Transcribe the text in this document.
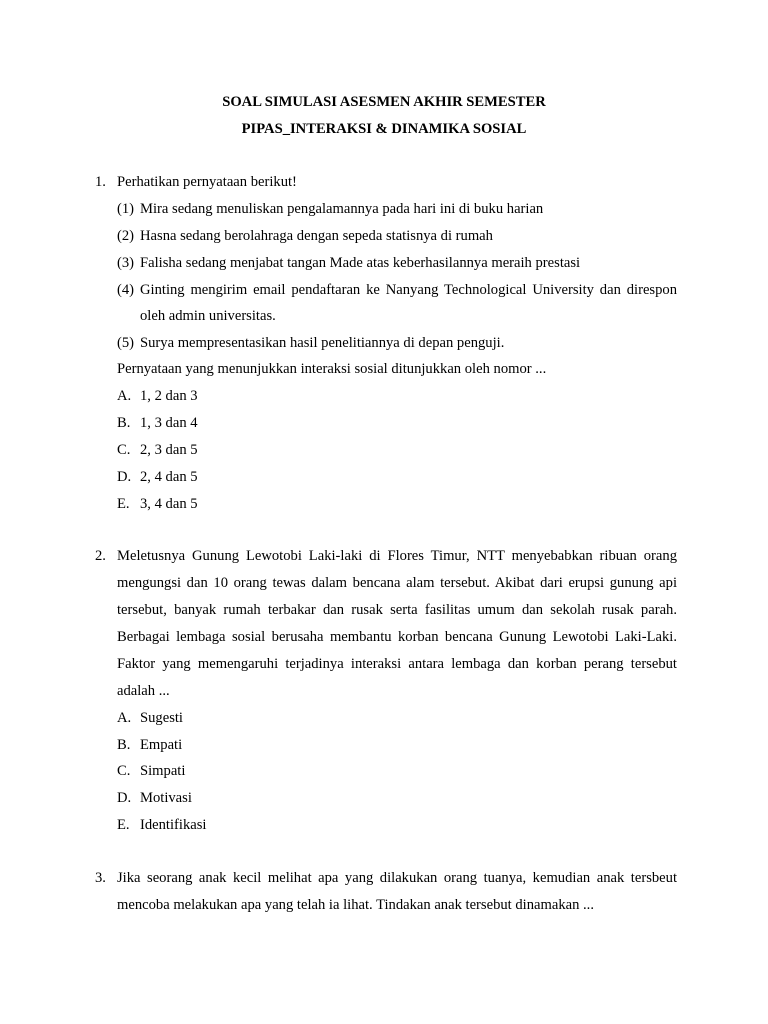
SOAL SIMULASI ASESMEN AKHIR SEMESTER
PIPAS_INTERAKSI & DINAMIKA SOSIAL
1. Perhatikan pernyataan berikut!
(1) Mira sedang menuliskan pengalamannya pada hari ini di buku harian
(2) Hasna sedang berolahraga dengan sepeda statisnya di rumah
(3) Falisha sedang menjabat tangan Made atas keberhasilannya meraih prestasi
(4) Ginting mengirim email pendaftaran ke Nanyang Technological University dan direspon
oleh admin universitas.
(5) Surya mempresentasikan hasil penelitiannya di depan penguji.
Pernyataan yang menunjukkan interaksi sosial ditunjukkan oleh nomor ...
A. 1, 2 dan 3
B. 1, 3 dan 4
C. 2, 3 dan 5
D. 2, 4 dan 5
E. 3, 4 dan 5
2. Meletusnya Gunung Lewotobi Laki-laki di Flores Timur, NTT menyebabkan ribuan orang
mengungsi dan 10 orang tewas dalam bencana alam tersebut. Akibat dari erupsi gunung api
tersebut, banyak rumah terbakar dan rusak serta fasilitas umum dan sekolah rusak parah.
Berbagai lembaga sosial berusaha membantu korban bencana Gunung Lewotobi Laki-Laki.
Faktor yang memengaruhi terjadinya interaksi antara lembaga dan korban perang tersebut
adalah ...
A. Sugesti
B. Empati
C. Simpati
D. Motivasi
E. Identifikasi
3. Jika seorang anak kecil melihat apa yang dilakukan orang tuanya, kemudian anak tersbeut
mencoba melakukan apa yang telah ia lihat. Tindakan anak tersebut dinamakan ...
